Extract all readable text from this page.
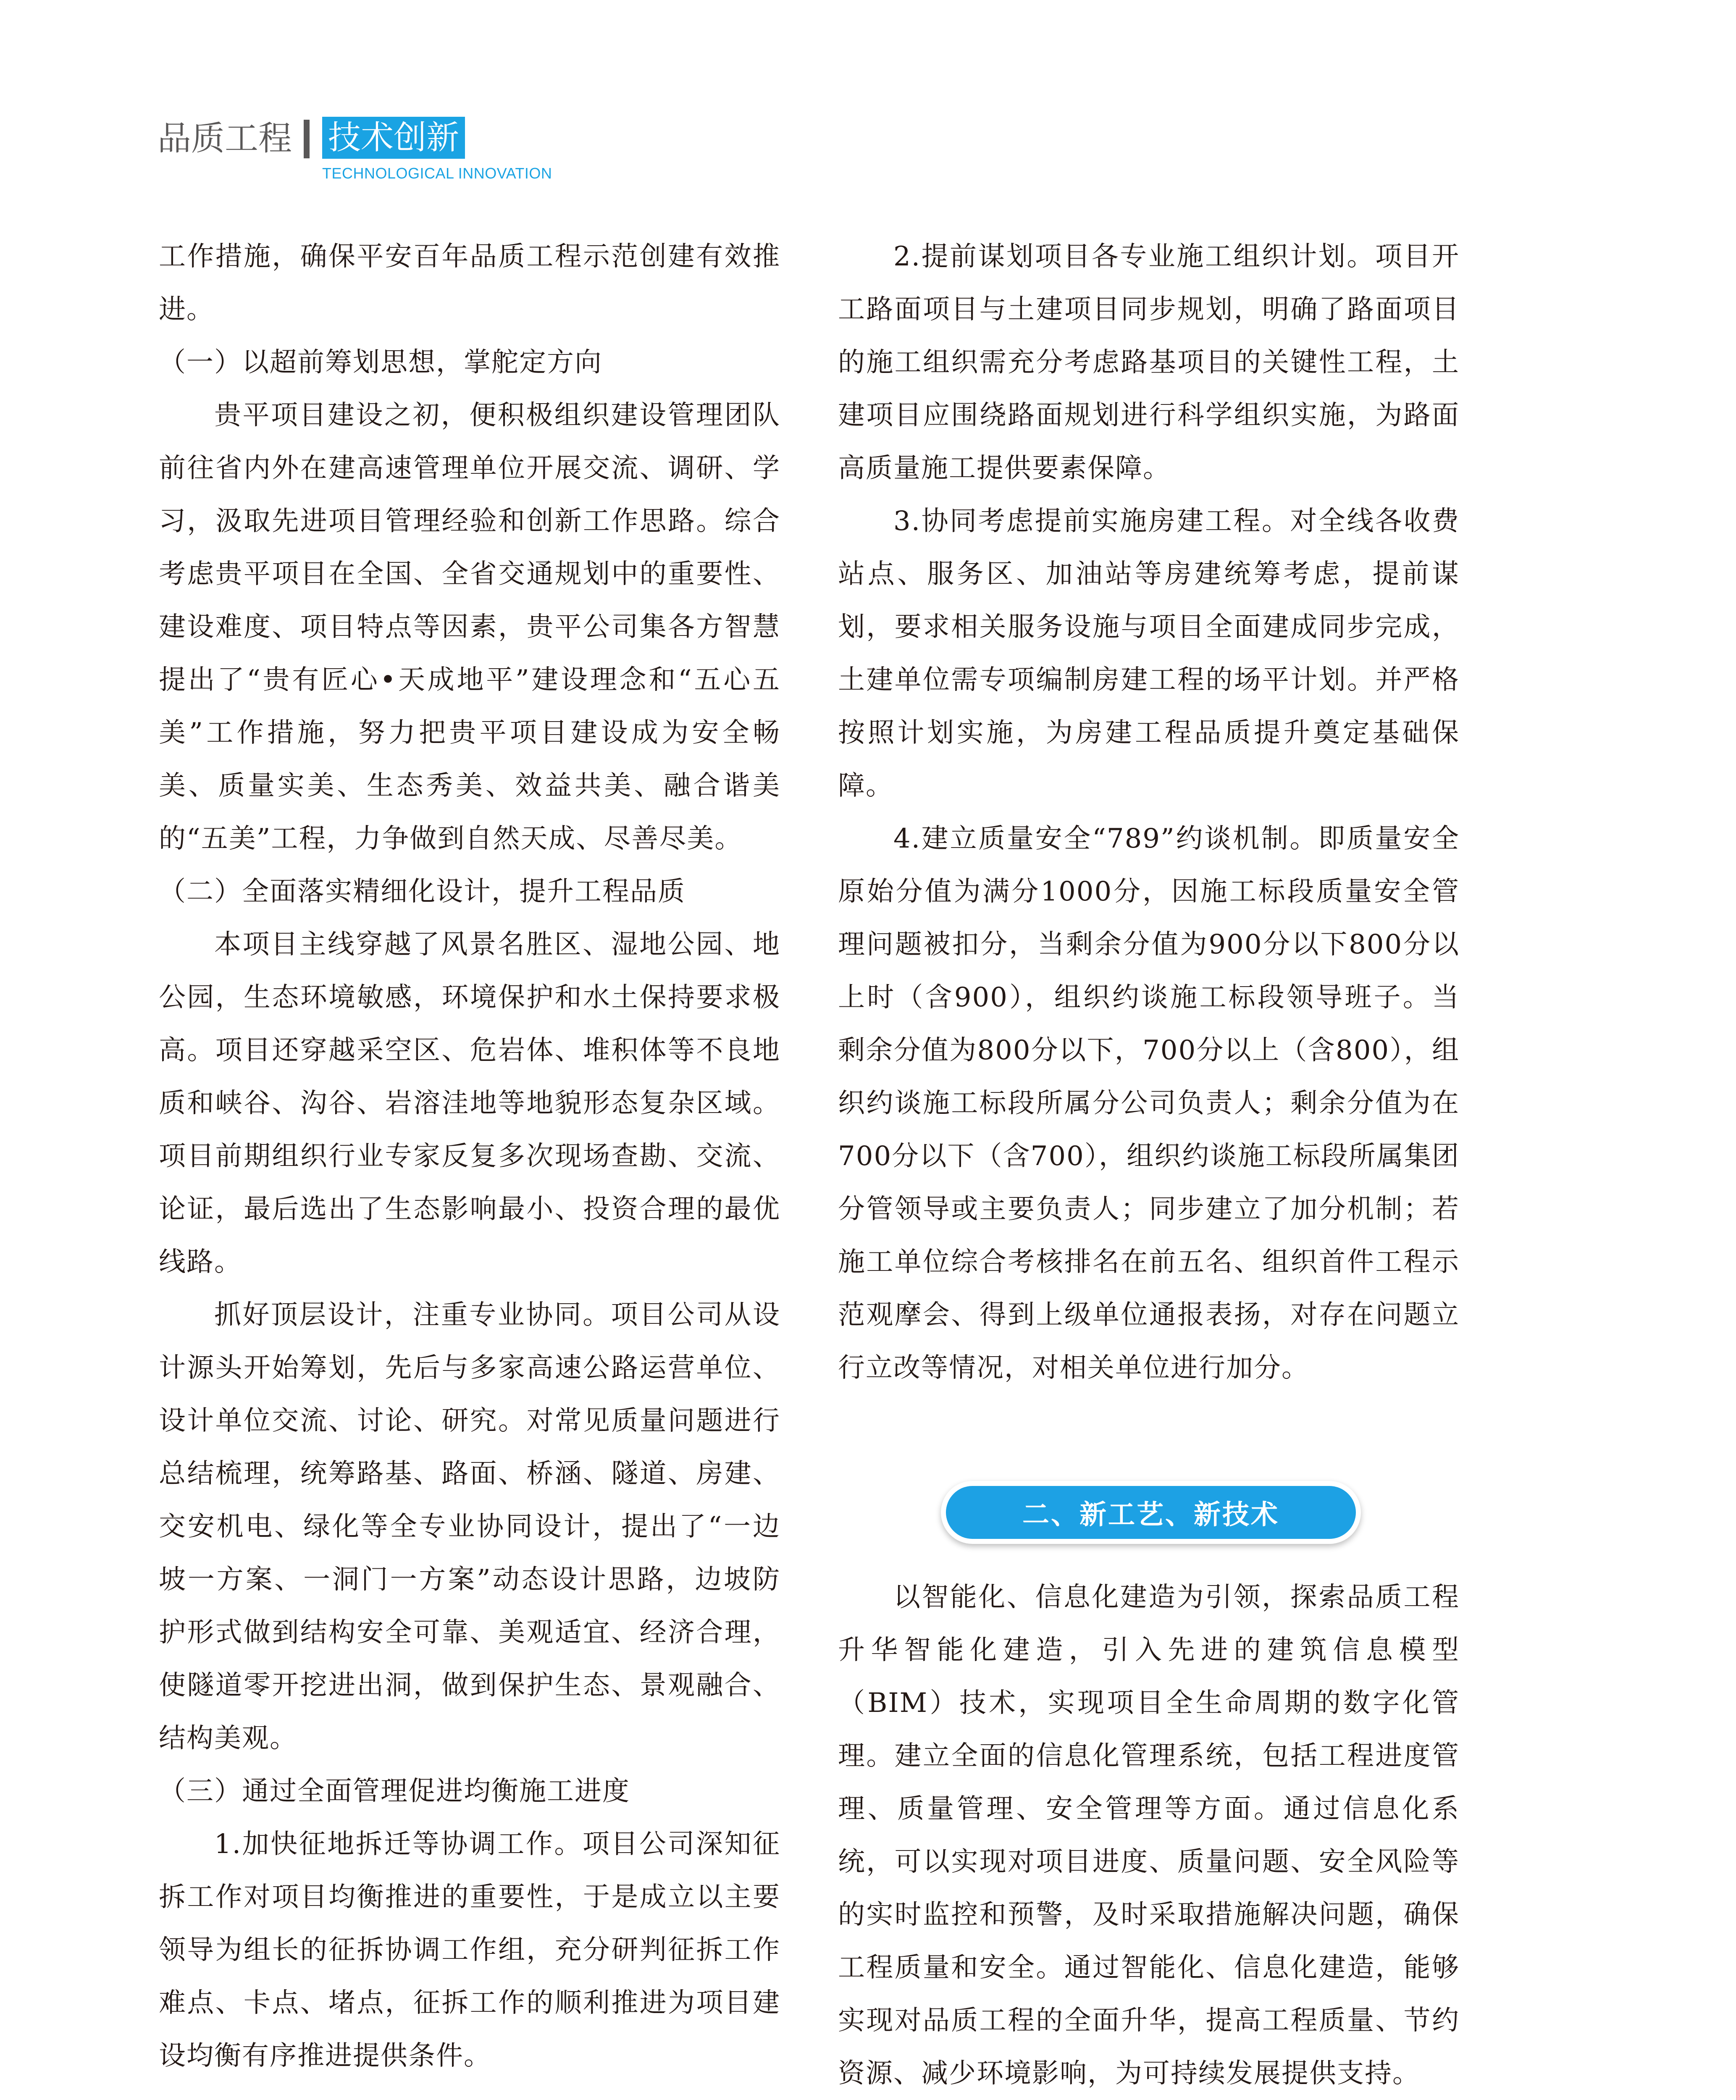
品质工程 技术创新
TECHNOLOGICAL INNOVATION

工作措施，确保平安百年品质工程示范创建有效推进。

（一）以超前筹划思想，掌舵定方向

贵平项目建设之初，便积极组织建设管理团队前往省内外在建高速管理单位开展交流、调研、学习，汲取先进项目管理经验和创新工作思路。综合考虑贵平项目在全国、全省交通规划中的重要性、建设难度、项目特点等因素，贵平公司集各方智慧提出了“贵有匠心•天成地平”建设理念和“五心五美”工作措施，努力把贵平项目建设成为安全畅美、质量实美、生态秀美、效益共美、融合谐美的“五美”工程，力争做到自然天成、尽善尽美。

（二）全面落实精细化设计，提升工程品质

本项目主线穿越了风景名胜区、湿地公园、地公园，生态环境敏感，环境保护和水土保持要求极高。项目还穿越采空区、危岩体、堆积体等不良地质和峡谷、沟谷、岩溶洼地等地貌形态复杂区域。项目前期组织行业专家反复多次现场查勘、交流、论证，最后选出了生态影响最小、投资合理的最优线路。

抓好顶层设计，注重专业协同。项目公司从设计源头开始筹划，先后与多家高速公路运营单位、设计单位交流、讨论、研究。对常见质量问题进行总结梳理，统筹路基、路面、桥涵、隧道、房建、交安机电、绿化等全专业协同设计，提出了“一边坡一方案、一洞门一方案”动态设计思路，边坡防护形式做到结构安全可靠、美观适宜、经济合理，使隧道零开挖进出洞，做到保护生态、景观融合、结构美观。

（三）通过全面管理促进均衡施工进度

1.加快征地拆迁等协调工作。项目公司深知征拆工作对项目均衡推进的重要性，于是成立以主要领导为组长的征拆协调工作组，充分研判征拆工作难点、卡点、堵点，征拆工作的顺利推进为项目建设均衡有序推进提供条件。

2.提前谋划项目各专业施工组织计划。项目开工路面项目与土建项目同步规划，明确了路面项目的施工组织需充分考虑路基项目的关键性工程，土建项目应围绕路面规划进行科学组织实施，为路面高质量施工提供要素保障。

3.协同考虑提前实施房建工程。对全线各收费站点、服务区、加油站等房建统筹考虑，提前谋划，要求相关服务设施与项目全面建成同步完成，土建单位需专项编制房建工程的场平计划。并严格按照计划实施，为房建工程品质提升奠定基础保障。

4.建立质量安全“789”约谈机制。即质量安全原始分值为满分1000分，因施工标段质量安全管理问题被扣分，当剩余分值为900分以下800分以上时（含900），组织约谈施工标段领导班子。当剩余分值为800分以下，700分以上（含800），组织约谈施工标段所属分公司负责人；剩余分值为在700分以下（含700），组织约谈施工标段所属集团分管领导或主要负责人；同步建立了加分机制；若施工单位综合考核排名在前五名、组织首件工程示范观摩会、得到上级单位通报表扬，对存在问题立行立改等情况，对相关单位进行加分。

二、新工艺、新技术

以智能化、信息化建造为引领，探索品质工程升华智能化建造，引入先进的建筑信息模型（BIM）技术，实现项目全生命周期的数字化管理。建立全面的信息化管理系统，包括工程进度管理、质量管理、安全管理等方面。通过信息化系统，可以实现对项目进度、质量问题、安全风险等的实时监控和预警，及时采取措施解决问题，确保工程质量和安全。通过智能化、信息化建造，能够实现对品质工程的全面升华，提高工程质量、节约资源、减少环境影响，为可持续发展提供支持。
